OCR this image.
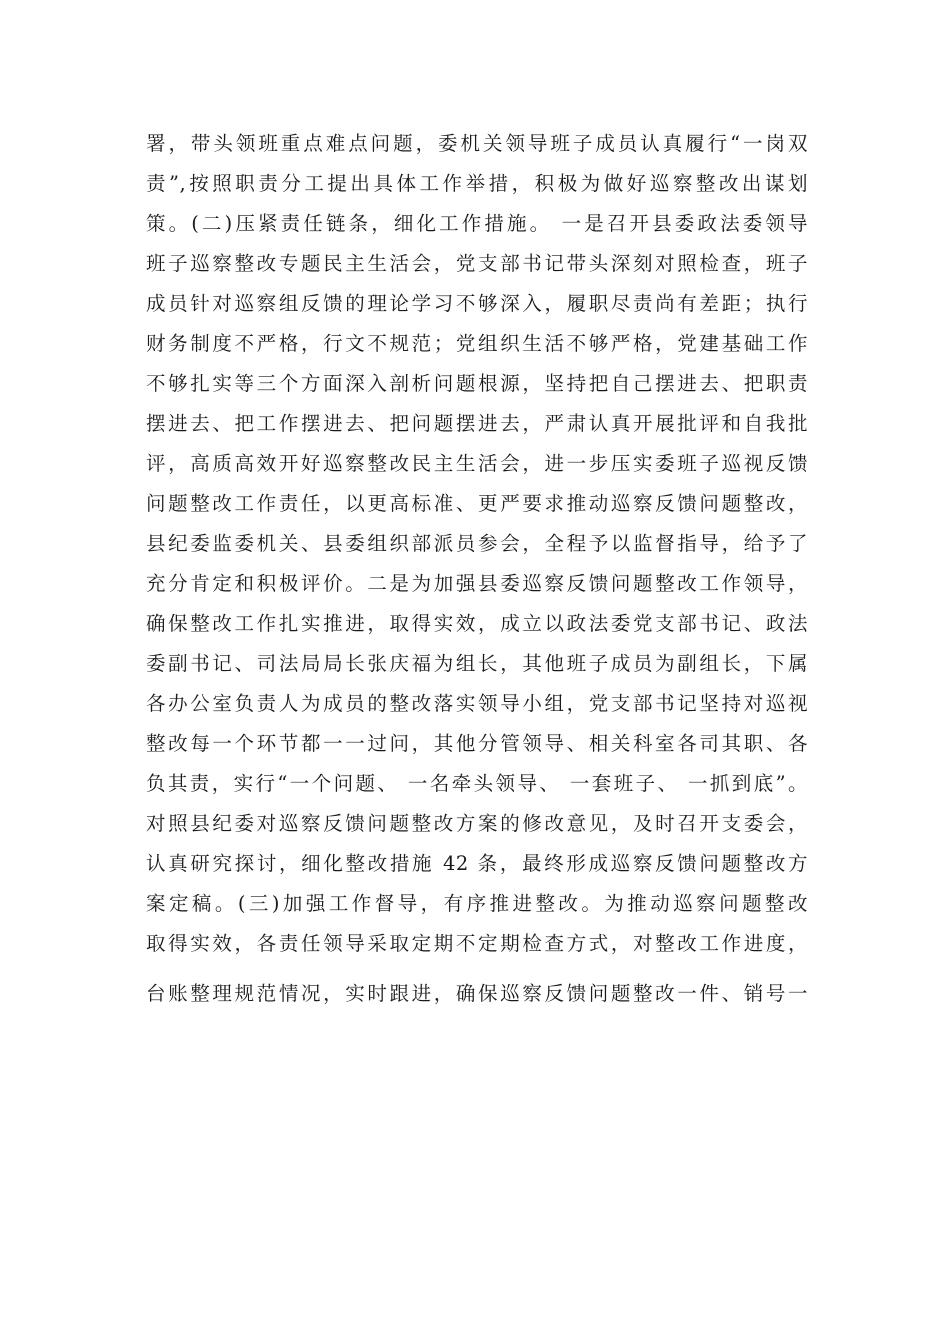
署，带头领班重点难点问题，委机关领导班子成员认真履行“一岗双
责”,按照职责分工提出具体工作举措，积极为做好巡察整改出谋划
策。(二)压紧责任链条，细化工作措施。 一是召开县委政法委领导
班子巡察整改专题民主生活会，党支部书记带头深刻对照检查，班子
成员针对巡察组反馈的理论学习不够深入，履职尽责尚有差距；执行
财务制度不严格，行文不规范；党组织生活不够严格，党建基础工作
不够扎实等三个方面深入剖析问题根源，坚持把自己摆进去、把职责
摆进去、把工作摆进去、把问题摆进去，严肃认真开展批评和自我批
评，高质高效开好巡察整改民主生活会，进一步压实委班子巡视反馈
问题整改工作责任，以更高标准、更严要求推动巡察反馈问题整改，
县纪委监委机关、县委组织部派员参会，全程予以监督指导，给予了
充分肯定和积极评价。二是为加强县委巡察反馈问题整改工作领导，
确保整改工作扎实推进，取得实效，成立以政法委党支部书记、政法
委副书记、司法局局长张庆福为组长，其他班子成员为副组长，下属
各办公室负责人为成员的整改落实领导小组，党支部书记坚持对巡视
整改每一个环节都一一过问，其他分管领导、相关科室各司其职、各
负其责，实行“一个问题、 一名牵头领导、 一套班子、 一抓到底”。
对照县纪委对巡察反馈问题整改方案的修改意见，及时召开支委会，
认真研究探讨，细化整改措施 42 条，最终形成巡察反馈问题整改方
案定稿。(三)加强工作督导，有序推进整改。为推动巡察问题整改
取得实效，各责任领导采取定期不定期检查方式，对整改工作进度，
台账整理规范情况，实时跟进，确保巡察反馈问题整改一件、销号一
